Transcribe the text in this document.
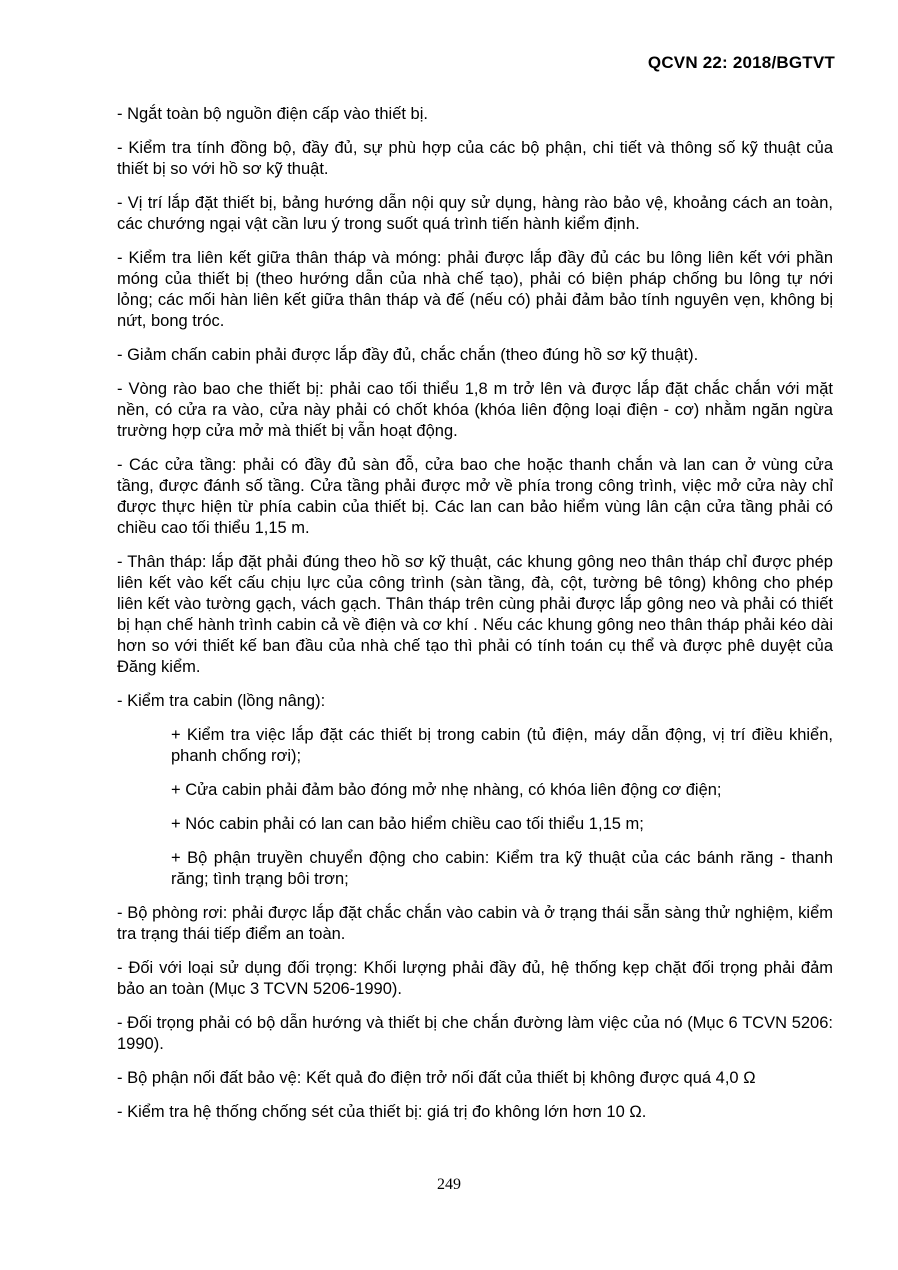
QCVN 22: 2018/BGTVT

- Ngắt toàn bộ nguồn điện cấp vào thiết bị.

- Kiểm tra tính đồng bộ, đầy đủ, sự phù hợp của các bộ phận, chi tiết và thông số kỹ thuật của thiết bị so với hồ sơ kỹ thuật.

- Vị trí lắp đặt thiết bị, bảng hướng dẫn nội quy sử dụng, hàng rào bảo vệ, khoảng cách an toàn, các chướng ngại vật cần lưu ý trong suốt quá trình tiến hành kiểm định.

- Kiểm tra liên kết giữa thân tháp và móng: phải được lắp đầy đủ các bu lông liên kết với phần móng của thiết bị (theo hướng dẫn của nhà chế tạo), phải có biện pháp chống bu lông tự nới lỏng; các mối hàn liên kết giữa thân tháp và đế (nếu có) phải đảm bảo tính nguyên vẹn, không bị nứt, bong tróc.

- Giảm chấn cabin phải được lắp đầy đủ, chắc chắn (theo đúng hồ sơ kỹ thuật).

- Vòng rào bao che thiết bị: phải cao tối thiểu 1,8 m trở lên và được lắp đặt chắc chắn với mặt nền, có cửa ra vào, cửa này phải có chốt khóa (khóa liên động loại điện - cơ) nhằm ngăn ngừa trường hợp cửa mở mà thiết bị vẫn hoạt động.

- Các cửa tầng: phải có đầy đủ sàn đỗ, cửa bao che hoặc thanh chắn và lan can ở vùng cửa tầng, được đánh số tầng. Cửa tầng phải được mở về phía trong công trình, việc mở cửa này chỉ được thực hiện từ phía cabin của thiết bị. Các lan can bảo hiểm vùng lân cận cửa tầng phải có chiều cao tối thiểu 1,15 m.

- Thân tháp: lắp đặt phải đúng theo hồ sơ kỹ thuật, các khung gông neo thân tháp chỉ được phép liên kết vào kết cấu chịu lực của công trình (sàn tầng, đà, cột, tường bê tông) không cho phép liên kết vào tường gạch, vách gạch. Thân tháp trên cùng phải được lắp gông neo và phải có thiết bị hạn chế hành trình cabin cả về điện và cơ khí . Nếu các khung gông neo thân tháp phải kéo dài hơn so với thiết kế ban đầu của nhà chế tạo thì phải có tính toán cụ thể và được phê duyệt của Đăng kiểm.

- Kiểm tra cabin (lồng nâng):

+ Kiểm tra việc lắp đặt các thiết bị trong cabin (tủ điện, máy dẫn động, vị trí điều khiển, phanh chống rơi);

+ Cửa cabin phải đảm bảo đóng mở nhẹ nhàng, có khóa liên động cơ điện;

+ Nóc cabin phải có lan can bảo hiểm chiều cao tối thiểu 1,15 m;

+ Bộ phận truyền chuyển động cho cabin: Kiểm tra kỹ thuật của các bánh răng - thanh răng; tình trạng bôi trơn;

- Bộ phòng rơi: phải được lắp đặt chắc chắn vào cabin và ở trạng thái sẵn sàng thử nghiệm, kiểm tra trạng thái tiếp điểm an toàn.

- Đối với loại sử dụng đối trọng: Khối lượng phải đầy đủ, hệ thống kẹp chặt đối trọng phải đảm bảo an toàn (Mục 3 TCVN 5206-1990).

- Đối trọng phải có bộ dẫn hướng và thiết bị che chắn đường làm việc của nó (Mục 6 TCVN 5206: 1990).

- Bộ phận nối đất bảo vệ: Kết quả đo điện trở nối đất của thiết bị không được quá 4,0 Ω

- Kiểm tra hệ thống chống sét của thiết bị: giá trị đo không lớn hơn 10 Ω.

249
